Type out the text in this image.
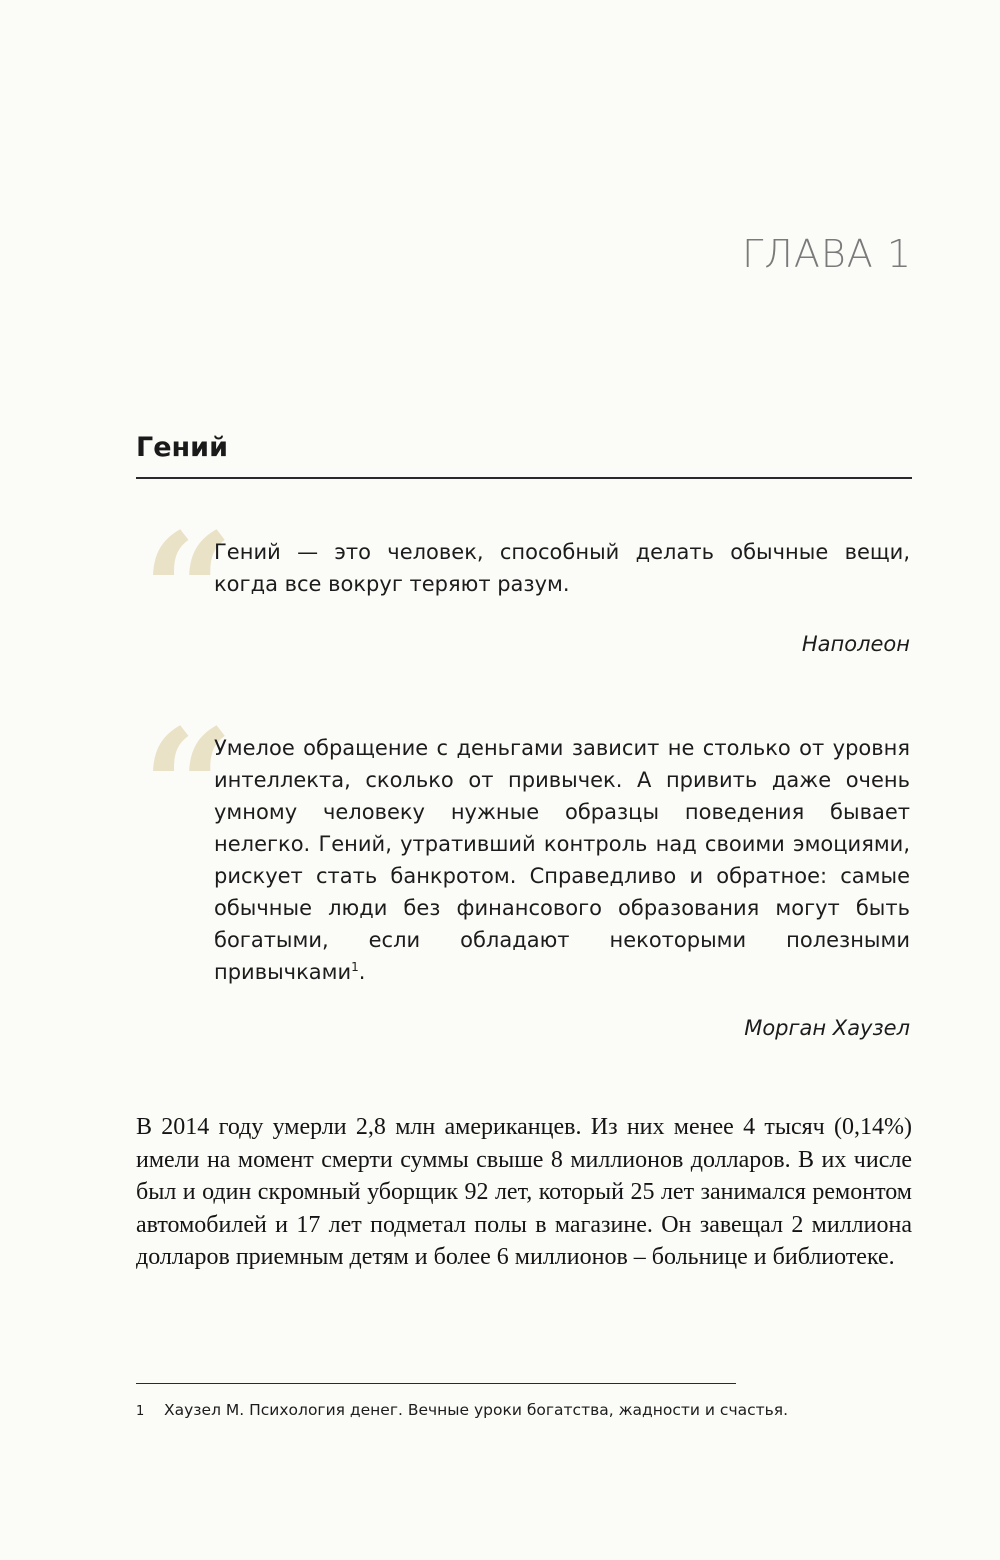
ГЛАВА 1
Гений
“

Гений — это человек, способный делать обычные вещи, когда все вокруг теряют разум.

Наполеон
“

Умелое обращение с деньгами зависит не столько от уровня интеллекта, сколько от привычек. А привить даже очень умному человеку нужные образцы поведения бывает нелегко. Гений, утративший контроль над своими эмоциями, рискует стать банкротом. Справедливо и обратное: самые обычные люди без финансового образования могут быть богатыми, если обладают некоторыми полезными привычками$^1$.

Морган Хаузел

В 2014 году умерли 2,8 млн американцев. Из них менее 4 тысяч (0,14%) имели на момент смерти суммы свыше 8 миллионов долларов. В их числе был и один скромный уборщик 92 лет, который 25 лет занимался ремонтом автомобилей и 17 лет подметал полы в магазине. Он завещал 2 миллиона долларов приемным детям и более 6 миллионов – больнице и библиотеке.

1 Хаузел М. Психология денег. Вечные уроки богатства, жадности и счастья.
